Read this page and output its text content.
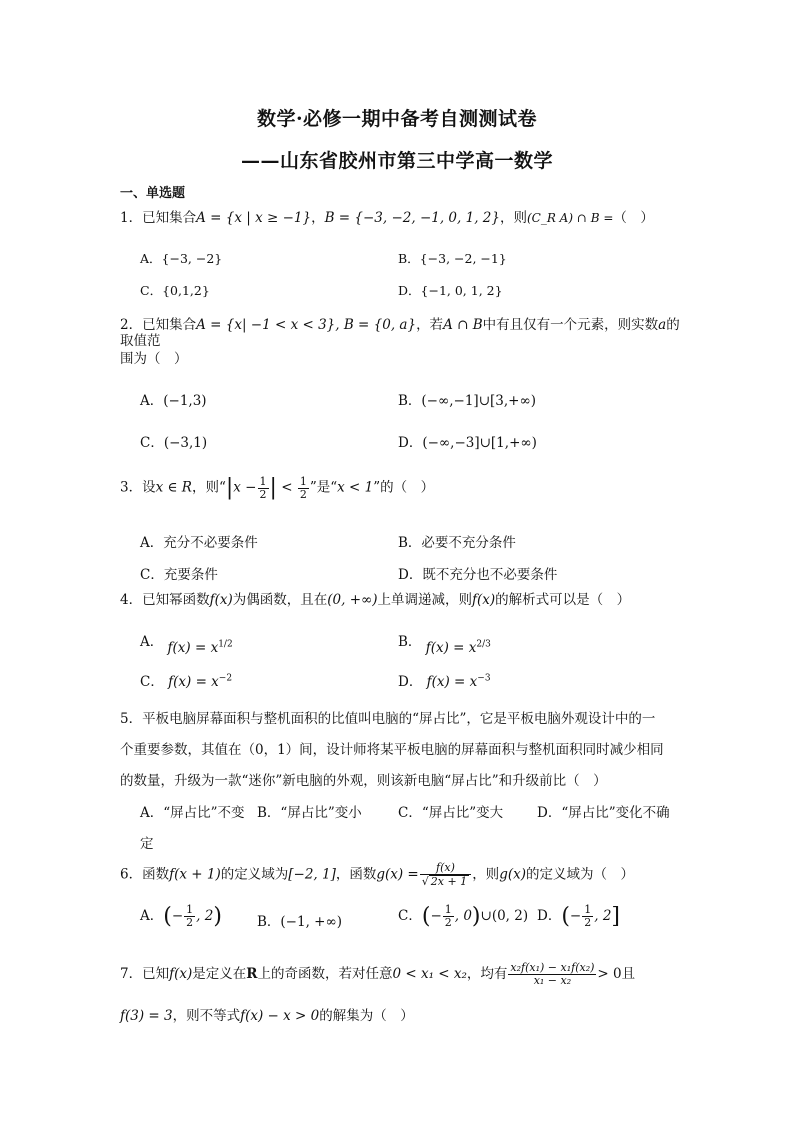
数学·必修一期中备考自测测试卷
——山东省胶州市第三中学高一数学
一、单选题
1．已知集合A = {x | x ≥ −1}，B = {−3, −2, −1, 0, 1, 2}，则(C_R A) ∩ B =（　）
A．{−3, −2}	B．{−3, −2, −1}
C．{0,1,2}	D．{−1, 0, 1, 2}
2．已知集合A = {x| −1 < x < 3}, B = {0, a}，若A ∩ B中有且仅有一个元素，则实数a的取值范
围为（　）
A．(−1,3)	B．(−∞,−1]∪[3,+∞)
C．(−3,1)	D．(−∞,−3]∪[1,+∞)
3．设x ∈ R，则“$|x - \frac{1}{2}$ | < $\frac{1}{2}$ ”是“x < 1”的（　）
A．充分不必要条件	B．必要不充分条件
C．充要条件	D．既不充分也不必要条件
4．已知幂函数f(x)为偶函数，且在(0, +∞)上单调递减，则f(x)的解析式可以是（　）
A． $f(x) = x^{1/2}$	B． $f(x) = x^{2/3}$
C． $f(x) = x^{-2}$	D． $f(x) = x^{-3}$
5．平板电脑屏幕面积与整机面积的比值叫电脑的“屏占比”，它是平板电脑外观设计中的一
个重要参数，其值在（0，1）间，设计师将某平板电脑的屏幕面积与整机面积同时减少相同
的数量，升级为一款“迷你”新电脑的外观，则该新电脑“屏占比”和升级前比（　）
A．“屏占比”不变 B．“屏占比”变小	C．“屏占比”变大	D．“屏占比”变化不确
定
6．函数f(x + 1)的定义域为[−2, 1]，函数$g(x) = \frac{f(x)}{√ 2x + 1}$ ，则g(x)的定义域为（　）
A．(− $\frac{1}{2}$ , 2)	B．(−1, +∞)	C．(− $\frac{1}{2}$ , 0)∪(0, 2) D．(− $\frac{1}{2}$ , 2]
7．已知f(x)是定义在R上的奇函数，若对任意0 < x₁ < x₂，均有 $\frac{\text{x₂f(x₁) − x₁f(x₂)}}{\text{x₁ − x₂}} > 0$且
f(3) = 3，则不等式f(x) − x > 0的解集为（　）
